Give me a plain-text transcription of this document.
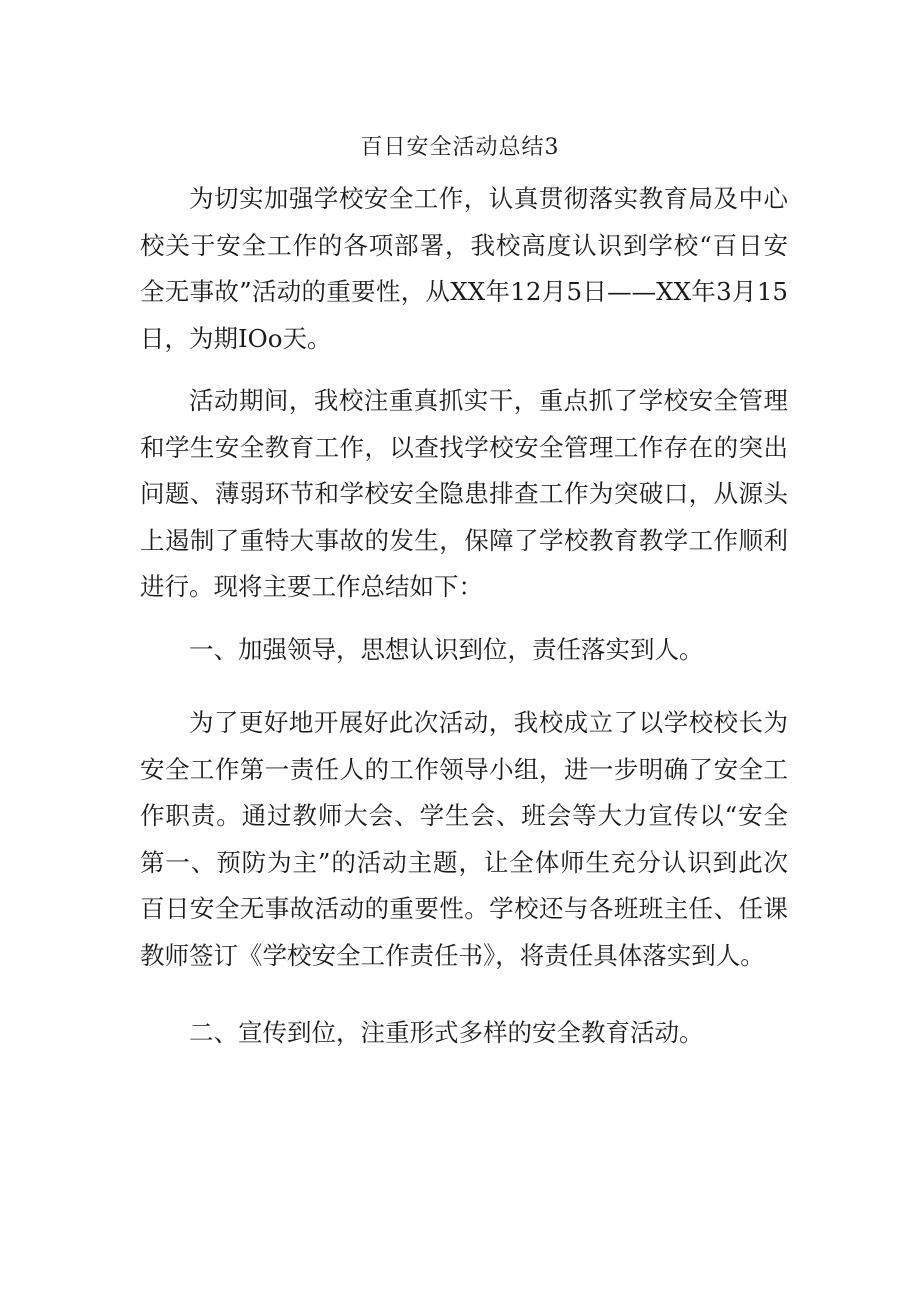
百日安全活动总结3

为切实加强学校安全工作，认真贯彻落实教育局及中心校关于安全工作的各项部署，我校高度认识到学校“百日安全无事故”活动的重要性，从XX年12月5日——XX年3月15日，为期IOo天。

活动期间，我校注重真抓实干，重点抓了学校安全管理和学生安全教育工作，以查找学校安全管理工作存在的突出问题、薄弱环节和学校安全隐患排查工作为突破口，从源头上遏制了重特大事故的发生，保障了学校教育教学工作顺利进行。现将主要工作总结如下：

一、加强领导，思想认识到位，责任落实到人。

为了更好地开展好此次活动，我校成立了以学校校长为安全工作第一责任人的工作领导小组，进一步明确了安全工作职责。通过教师大会、学生会、班会等大力宣传以“安全第一、预防为主”的活动主题，让全体师生充分认识到此次百日安全无事故活动的重要性。学校还与各班班主任、任课教师签订《学校安全工作责任书》，将责任具体落实到人。

二、宣传到位，注重形式多样的安全教育活动。
